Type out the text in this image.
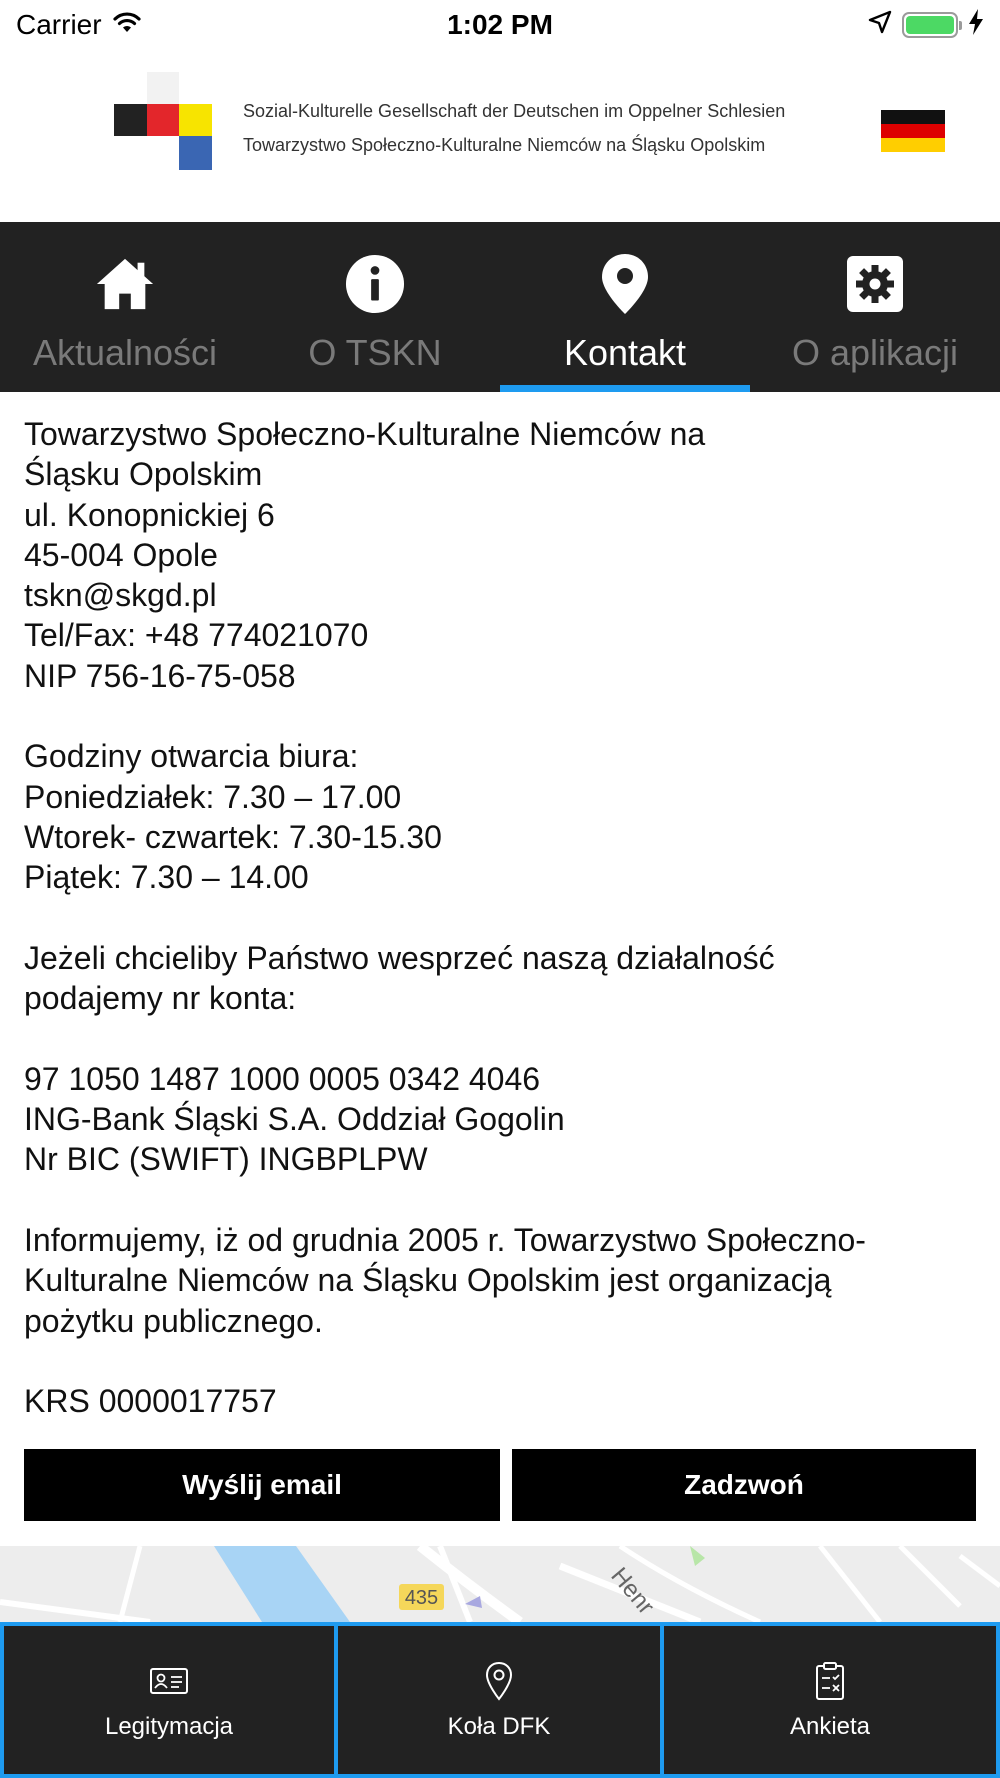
Carrier	1:02 PM
Sozial-Kulturelle Gesellschaft der Deutschen im Oppelner Schlesien
Towarzystwo Społeczno-Kulturalne Niemców na Śląsku Opolskim
Aktualności	O TSKN	Kontakt	O aplikacji

Towarzystwo Społeczno-Kulturalne Niemców na
Śląsku Opolskim
ul. Konopnickiej 6
45-004 Opole
tskn@skgd.pl
Tel/Fax: +48 774021070
NIP 756-16-75-058

Godziny otwarcia biura:
Poniedziałek: 7.30 – 17.00
Wtorek- czwartek: 7.30-15.30
Piątek: 7.30 – 14.00

Jeżeli chcieliby Państwo wesprzeć naszą działalność
podajemy nr konta:

97 1050 1487 1000 0005 0342 4046
ING-Bank Śląski S.A. Oddział Gogolin
Nr BIC (SWIFT) INGBPLPW

Informujemy, iż od grudnia 2005 r. Towarzystwo Społeczno-
Kulturalne Niemców na Śląsku Opolskim jest organizacją
pożytku publicznego.

KRS 0000017757

Wyślij email	Zadzwoń
435	Henr
Legitymacja	Koła DFK	Ankieta
